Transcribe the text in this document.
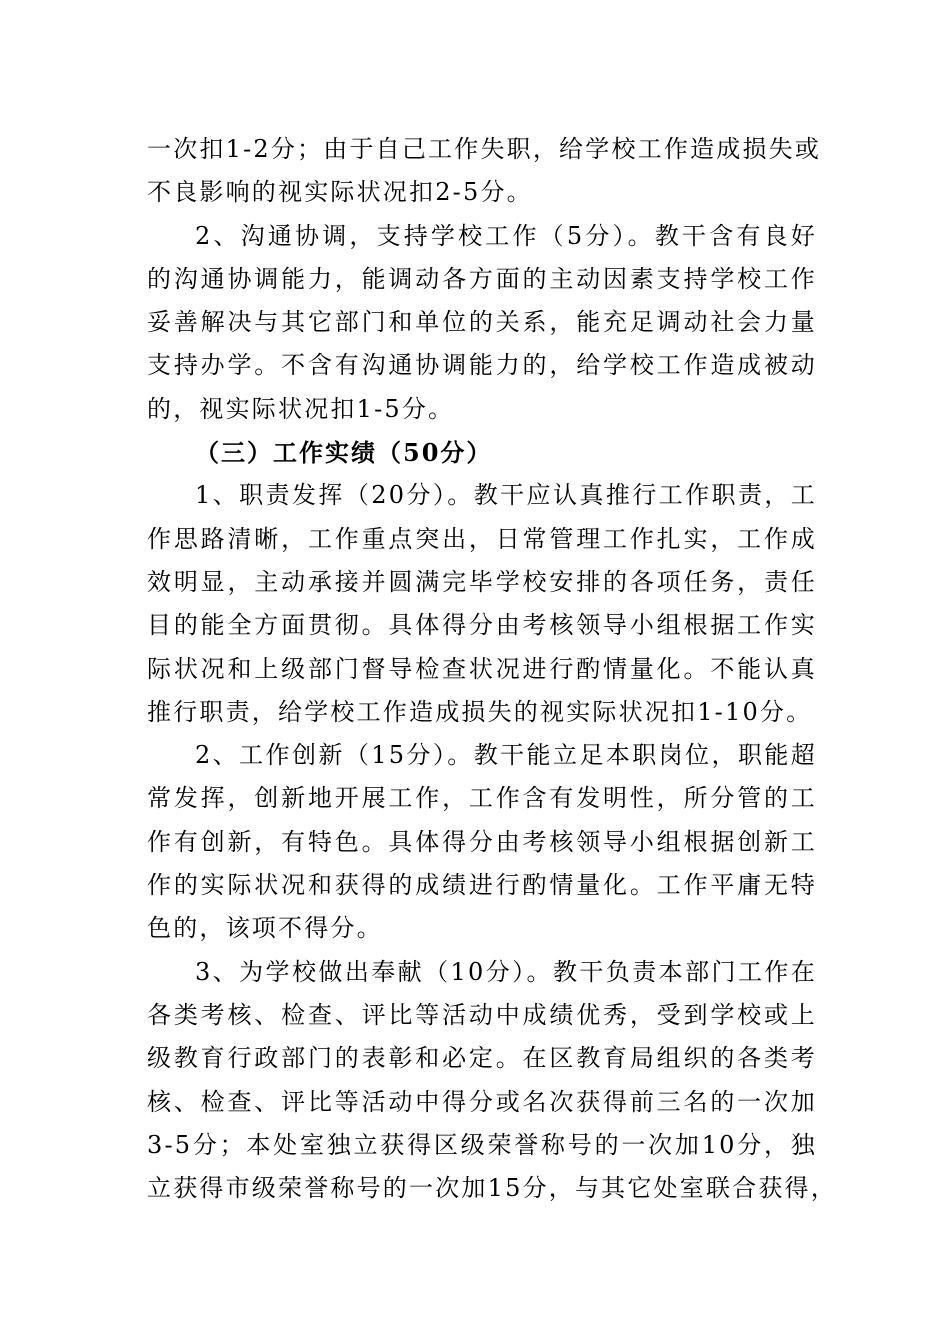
一次扣1-2分；由于自己工作失职，给学校工作造成损失或
不良影响的视实际状况扣2-5分。
2、沟通协调，支持学校工作（5分）。教干含有良好
的沟通协调能力，能调动各方面的主动因素支持学校工作
妥善解决与其它部门和单位的关系，能充足调动社会力量
支持办学。不含有沟通协调能力的，给学校工作造成被动
的，视实际状况扣1-5分。
（三）工作实绩（50分）
1、职责发挥（20分）。教干应认真推行工作职责，工
作思路清晰，工作重点突出，日常管理工作扎实，工作成
效明显，主动承接并圆满完毕学校安排的各项任务，责任
目的能全方面贯彻。具体得分由考核领导小组根据工作实
际状况和上级部门督导检查状况进行酌情量化。不能认真
推行职责，给学校工作造成损失的视实际状况扣1-10分。
2、工作创新（15分）。教干能立足本职岗位，职能超
常发挥，创新地开展工作，工作含有发明性，所分管的工
作有创新，有特色。具体得分由考核领导小组根据创新工
作的实际状况和获得的成绩进行酌情量化。工作平庸无特
色的，该项不得分。
3、为学校做出奉献（10分）。教干负责本部门工作在
各类考核、检查、评比等活动中成绩优秀，受到学校或上
级教育行政部门的表彰和必定。在区教育局组织的各类考
核、检查、评比等活动中得分或名次获得前三名的一次加
3-5分；本处室独立获得区级荣誉称号的一次加10分，独
立获得市级荣誉称号的一次加15分，与其它处室联合获得，
